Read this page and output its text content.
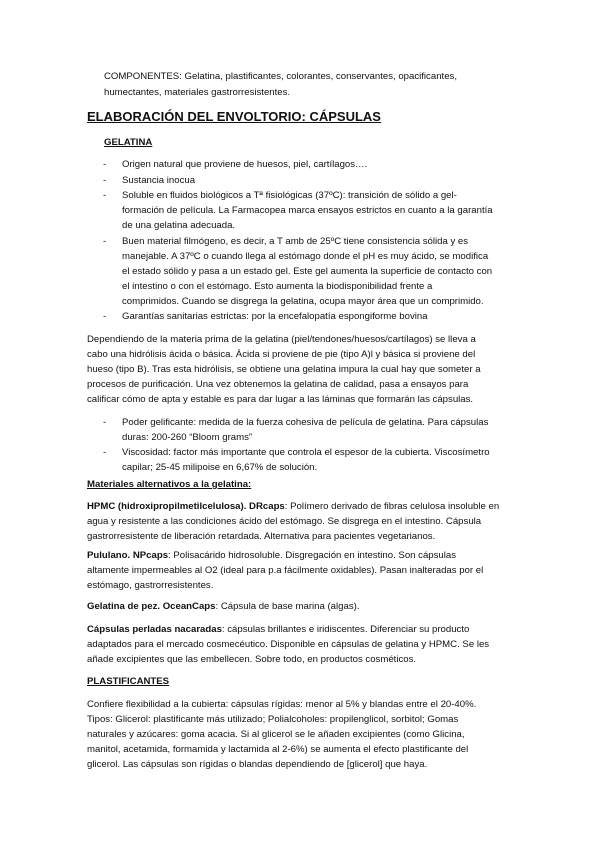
COMPONENTES: Gelatina, plastificantes, colorantes, conservantes, opacificantes,
humectantes, materiales gastrorresistentes.
ELABORACIÓN DEL ENVOLTORIO: CÁPSULAS
GELATINA
- Origen natural que proviene de huesos, piel, cartílagos….
- Sustancia inocua
- Soluble en fluidos biológicos a Tª fisiológicas (37ºC): transición de sólido a gel-
formación de película. La Farmacopea marca ensayos estrictos en cuanto a la garantía
de una gelatina adecuada.
- Buen material filmógeno, es decir, a T amb de 25ºC tiene consistencia sólida y es
manejable. A 37ºC o cuando llega al estómago donde el pH es muy ácido, se modifica
el estado sólido y pasa a un estado gel. Este gel aumenta la superficie de contacto con
el intestino o con el estómago. Esto aumenta la biodisponibilidad frente a
comprimidos. Cuando se disgrega la gelatina, ocupa mayor área que un comprimido.
- Garantías sanitarias estrictas: por la encefalopatía espongiforme bovina
Dependiendo de la materia prima de la gelatina (piel/tendones/huesos/cartílagos) se lleva a
cabo una hidrólisis ácida o básica. Ácida si proviene de pie (tipo A)l y básica si proviene del
hueso (tipo B). Tras esta hidrólisis, se obtiene una gelatina impura la cual hay que someter a
procesos de purificación. Una vez obtenemos la gelatina de calidad, pasa a ensayos para
calificar cómo de apta y estable es para dar lugar a las láminas que formarán las cápsulas.
- Poder gelificante: medida de la fuerza cohesiva de película de gelatina. Para cápsulas
duras: 200-260 “Bloom grams”
- Viscosidad: factor más importante que controla el espesor de la cubierta. Viscosímetro
capilar; 25-45 milipoise en 6,67% de solución.
Materiales alternativos a la gelatina:
HPMC (hidroxipropilmetilcelulosa). DRcaps: Polímero derivado de fibras celulosa insoluble en
agua y resistente a las condiciones ácido del estómago. Se disgrega en el intestino. Cápsula
gastrorresistente de liberación retardada. Alternativa para pacientes vegetarianos.
Pululano. NPcaps: Polisacárido hidrosoluble. Disgregación en intestino. Son cápsulas
altamente impermeables al O2 (ideal para p.a fácilmente oxidables). Pasan inalteradas por el
estómago, gastrorresistentes.
Gelatina de pez. OceanCaps: Cápsula de base marina (algas).
Cápsulas perladas nacaradas: cápsulas brillantes e iridiscentes. Diferenciar su producto
adaptados para el mercado cosmecéutico. Disponible en cápsulas de gelatina y HPMC. Se les
añade excipientes que las embellecen. Sobre todo, en productos cosméticos.
PLASTIFICANTES
Confiere flexibilidad a la cubierta: cápsulas rígidas: menor al 5% y blandas entre el 20-40%.
Tipos: Glicerol: plastificante más utilizado; Polialcoholes: propilenglicol, sorbitol; Gomas
naturales y azúcares: goma acacia. Si al glicerol se le añaden excipientes (como Glicina,
manitol, acetamida, formamida y lactamida al 2-6%) se aumenta el efecto plastificante del
glicerol. Las cápsulas son rígidas o blandas dependiendo de [glicerol] que haya.
